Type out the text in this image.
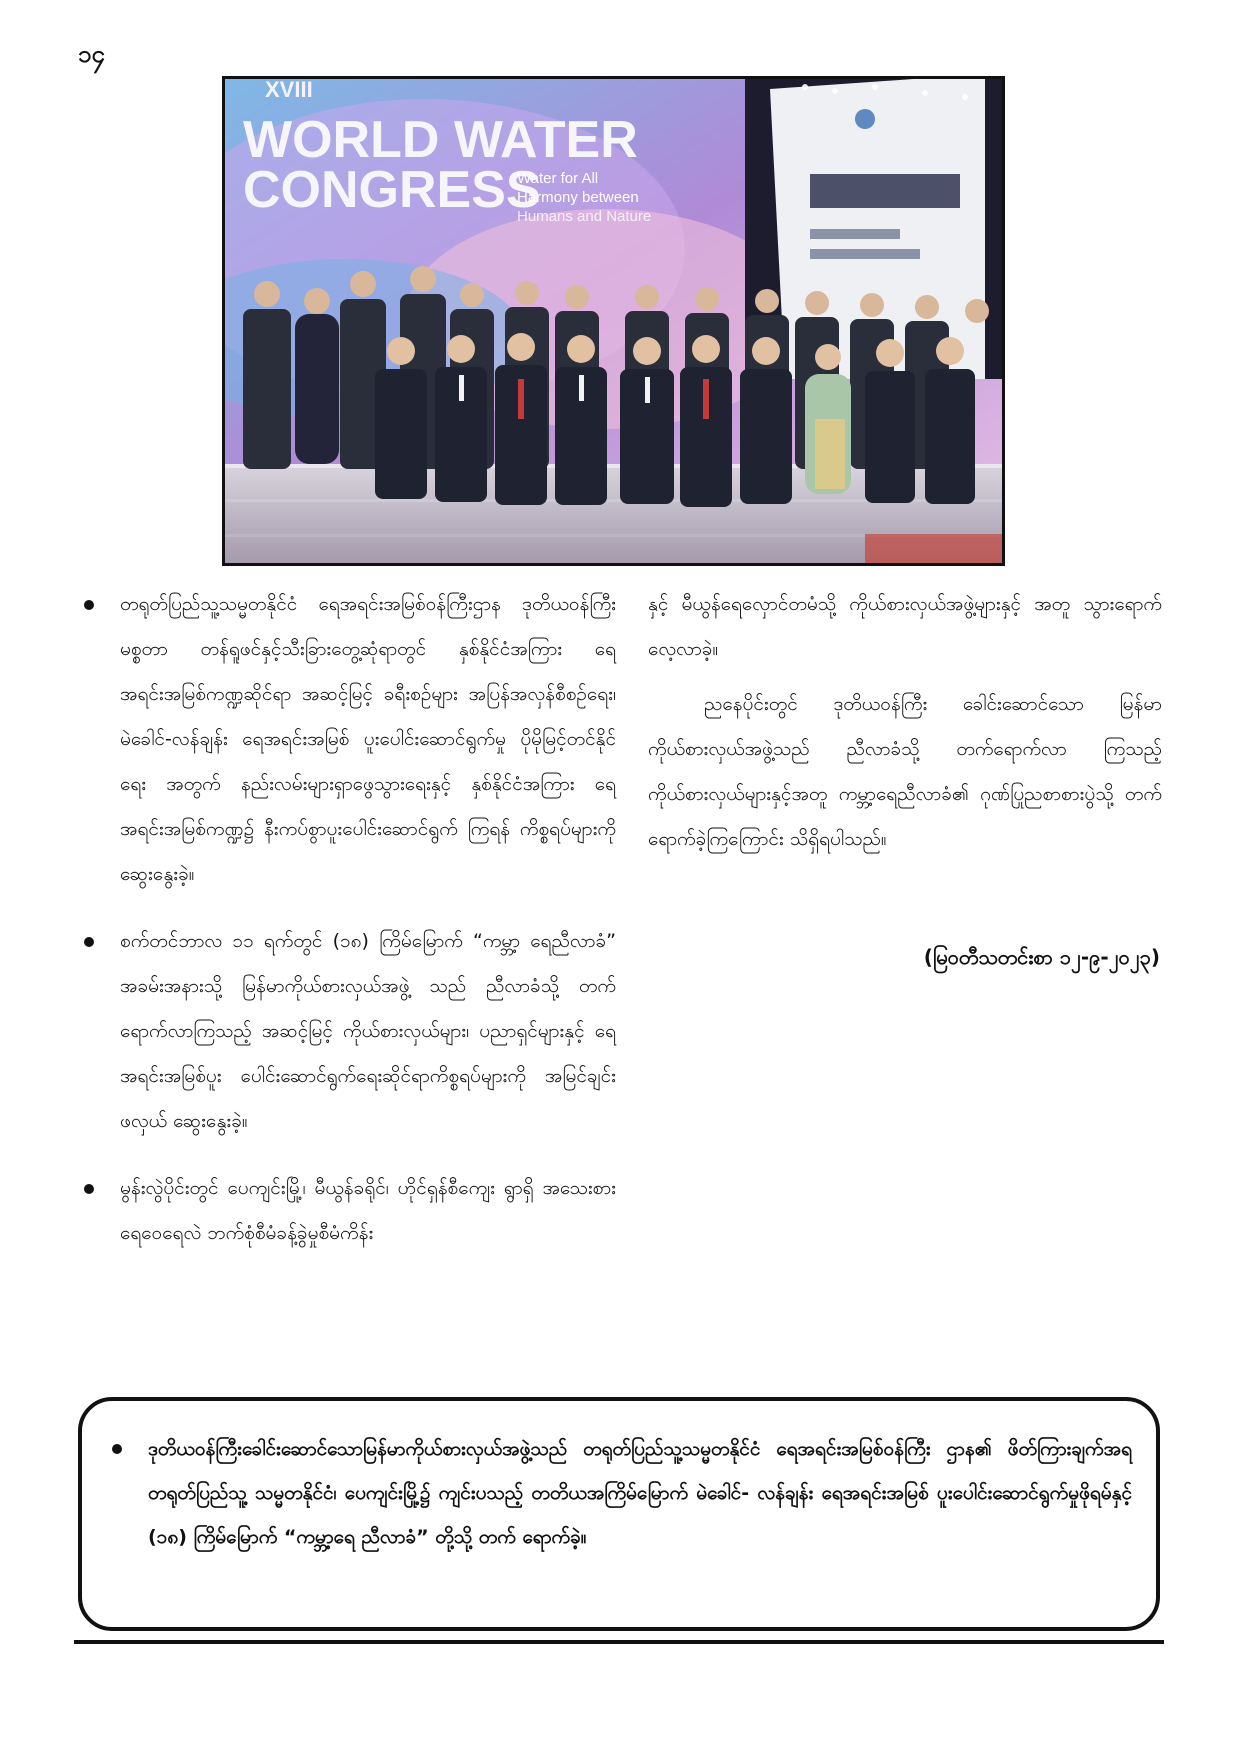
၁၄
XVIII
WORLD WATER
CONGRESS
Water for All
Harmony between
Humans and Nature
တရုတ်ပြည်သူ့သမ္မတနိုင်ငံ ရေအရင်းအမြစ်ဝန်ကြီးဌာန ဒုတိယဝန်ကြီး မစ္စတာ တန်ရူဖင်နှင့်သီးခြားတွေ့ဆုံရာတွင် နှစ်နိုင်ငံအကြား ရေအရင်းအမြစ်ကဏ္ဍဆိုင်ရာ အဆင့်မြင့် ခရီးစဉ်များ အပြန်အလှန်စီစဉ်ရေး၊ မဲခေါင်-လန်ချန်း ရေအရင်းအမြစ် ပူးပေါင်းဆောင်ရွက်မှု ပိုမိုမြင့်တင်နိုင်ရေး အတွက် နည်းလမ်းများရှာဖွေသွားရေးနှင့် နှစ်နိုင်ငံအကြား ရေအရင်းအမြစ်ကဏ္ဍ၌ နီးကပ်စွာပူးပေါင်းဆောင်ရွက် ကြရန် ကိစ္စရပ်များကို ဆွေးနွေးခဲ့။
စက်တင်ဘာလ ၁၁ ရက်တွင် (၁၈) ကြိမ်မြောက် “ကမ္ဘာ့ ရေညီလာခံ” အခမ်းအနားသို့ မြန်မာကိုယ်စားလှယ်အဖွဲ့ သည် ညီလာခံသို့ တက်ရောက်လာကြသည့် အဆင့်မြင့် ကိုယ်စားလှယ်များ၊ ပညာရှင်များနှင့် ရေအရင်းအမြစ်ပူး ပေါင်းဆောင်ရွက်ရေးဆိုင်ရာကိစ္စရပ်များကို အမြင်ချင်း ဖလှယ် ဆွေးနွေးခဲ့။
မွန်းလွဲပိုင်းတွင် ပေကျင်းမြို့၊ မီယွန်ခရိုင်၊ ဟိုင်ရှန်စီကျေး ရွာရှိ အသေးစား ရေဝေရေလဲ ဘက်စုံစီမံခန့်ခွဲမှုစီမံကိန်း

နှင့် မီယွန်ရေလှောင်တမံသို့ ကိုယ်စားလှယ်အဖွဲ့များနှင့် အတူ သွားရောက်လေ့လာခဲ့။

ညနေပိုင်းတွင် ဒုတိယဝန်ကြီး ခေါင်းဆောင်သော မြန်မာကိုယ်စားလှယ်အဖွဲ့သည် ညီလာခံသို့ တက်ရောက်လာ ကြသည့် ကိုယ်စားလှယ်များနှင့်အတူ ကမ္ဘာ့ရေညီလာခံ၏ ဂုဏ်ပြုညစာစားပွဲသို့ တက်ရောက်ခဲ့ကြကြောင်း သိရှိရပါသည်။

(မြဝတီသတင်းစာ ၁၂-၉-၂၀၂၃)
ဒုတိယဝန်ကြီးခေါင်းဆောင်သောမြန်မာကိုယ်စားလှယ်အဖွဲ့သည် တရုတ်ပြည်သူ့သမ္မတနိုင်ငံ ရေအရင်းအမြစ်ဝန်ကြီး ဌာန၏ ဖိတ်ကြားချက်အရ တရုတ်ပြည်သူ့ သမ္မတနိုင်ငံ၊ ပေကျင်းမြို့၌ ကျင်းပသည့် တတိယအကြိမ်မြောက် မဲခေါင်- လန်ချန်း ရေအရင်းအမြစ် ပူးပေါင်းဆောင်ရွက်မှုဖိုရမ်နှင့် (၁၈) ကြိမ်မြောက် “ကမ္ဘာ့ရေ ညီလာခံ” တို့သို့ တက် ရောက်ခဲ့။
